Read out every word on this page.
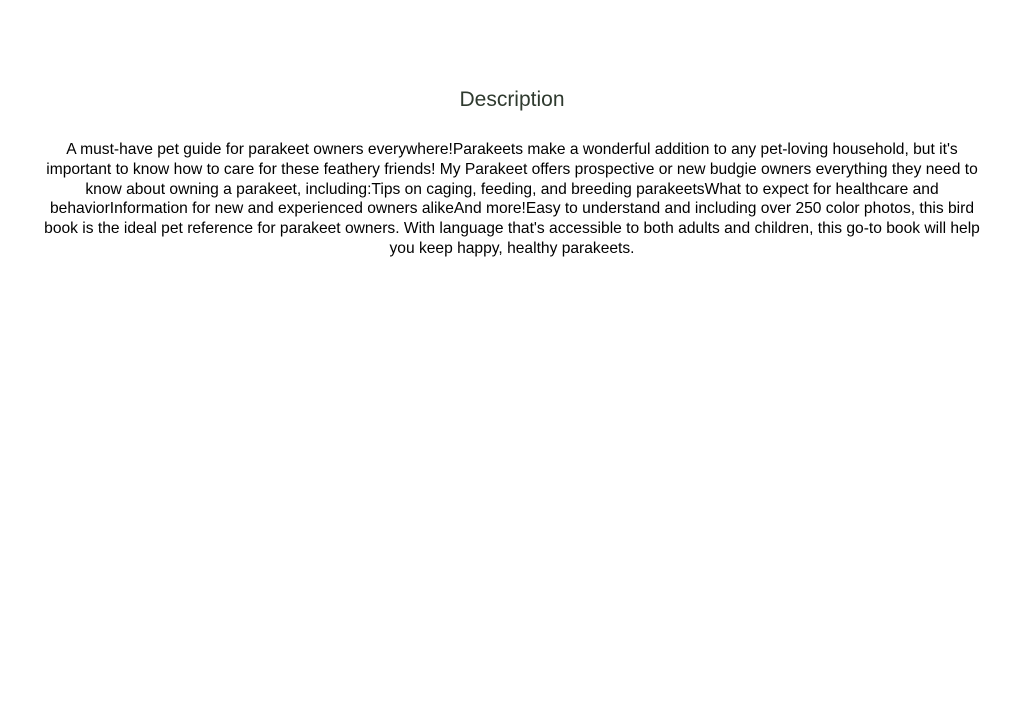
Description

A must-have pet guide for parakeet owners everywhere!Parakeets make a wonderful addition to any pet-loving household, but it's important to know how to care for these feathery friends! My Parakeet offers prospective or new budgie owners everything they need to know about owning a parakeet, including:Tips on caging, feeding, and breeding parakeetsWhat to expect for healthcare and behaviorInformation for new and experienced owners alikeAnd more!Easy to understand and including over 250 color photos, this bird book is the ideal pet reference for parakeet owners. With language that's accessible to both adults and children, this go-to book will help you keep happy, healthy parakeets.
